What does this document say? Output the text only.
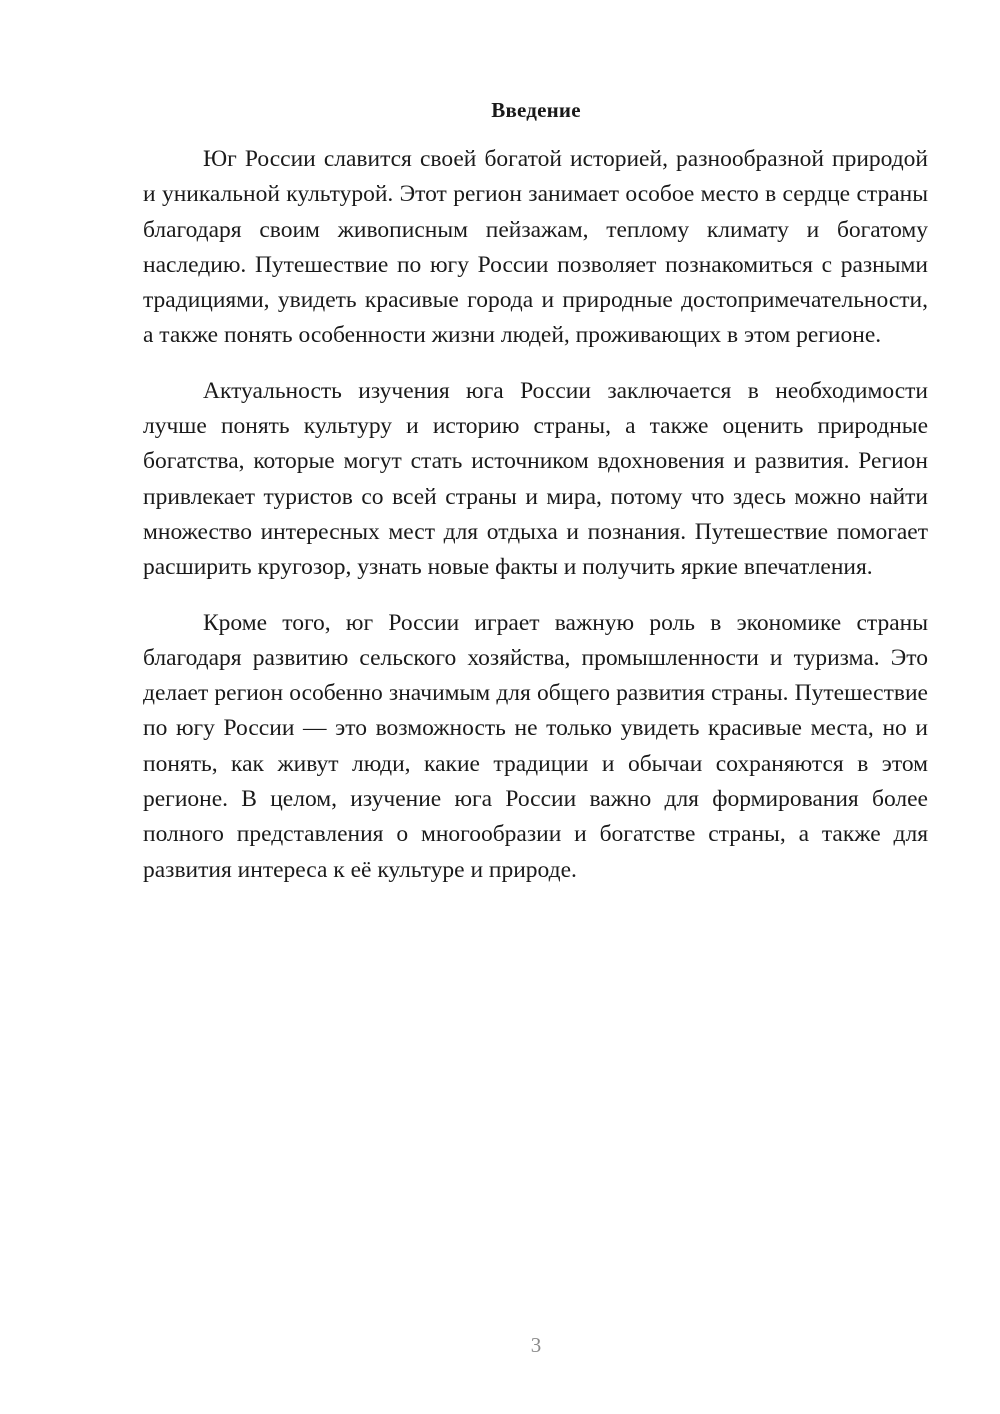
Введение

Юг России славится своей богатой историей, разнообразной природой и уникальной культурой. Этот регион занимает особое место в сердце страны благодаря своим живописным пейзажам, теплому климату и богатому наследию. Путешествие по югу России позволяет познакомиться с разными традициями, увидеть красивые города и природные достопримечательности, а также понять особенности жизни людей, проживающих в этом регионе.

Актуальность изучения юга России заключается в необходимости лучше понять культуру и историю страны, а также оценить природные богатства, которые могут стать источником вдохновения и развития. Регион привлекает туристов со всей страны и мира, потому что здесь можно найти множество интересных мест для отдыха и познания. Путешествие помогает расширить кругозор, узнать новые факты и получить яркие впечатления.

Кроме того, юг России играет важную роль в экономике страны благодаря развитию сельского хозяйства, промышленности и туризма. Это делает регион особенно значимым для общего развития страны. Путешествие по югу России — это возможность не только увидеть красивые места, но и понять, как живут люди, какие традиции и обычаи сохраняются в этом регионе. В целом, изучение юга России важно для формирования более полного представления о многообразии и богатстве страны, а также для развития интереса к её культуре и природе.

3
